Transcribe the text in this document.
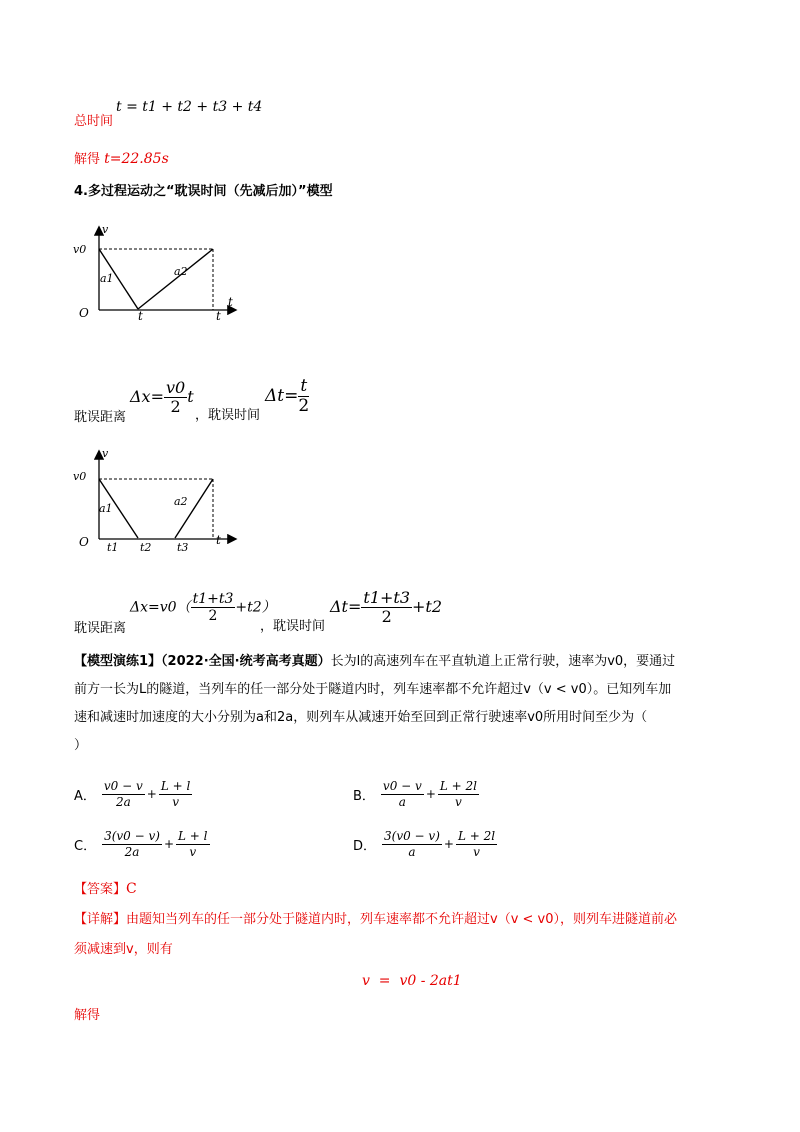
总时间
t = t1 + t2 + t3 + t4
解得 t=22.85s
4.多过程运动之“耽误时间（先减后加）”模型
v
v0
a1
a2
O	t	t
t
耽误距离
$\Delta x= \frac{v0}{2}$ t
，耽误时间
$\Delta t= \frac{t}{2}$
v
v0
a1
a2
O t1 t2 t3
t
耽误距离
$\Delta x=v0( \frac{t1+t3}{2} +t2)$
，耽误时间
$\Delta t= \frac{t1+t3}{2} +t2$
【模型演练1】（2022·全国·统考高考真题）长为l的高速列车在平直轨道上正常行驶，速率为v0，要通过
前方一长为L的隧道，当列车的任一部分处于隧道内时，列车速率都不允许超过v（v < v0）。已知列车加
速和减速时加速度的大小分别为a和2a，则列车从减速开始至回到正常行驶速率v0所用时间至少为（
）
A． $\frac{v0 - v}{2a} + \frac{L + l}{v}$	B． $\frac{v0 - v}{a} + \frac{L + 2l}{v}$
C． $\frac{3(v0 - v)}{2a} + \frac{L + l}{v}$	D． $\frac{3(v0 - v)}{a} + \frac{L + 2l}{v}$
【答案】C
【详解】由题知当列车的任一部分处于隧道内时，列车速率都不允许超过v（v < v0），则列车进隧道前必
须减速到v，则有
v  =  v0 - 2at1
解得
